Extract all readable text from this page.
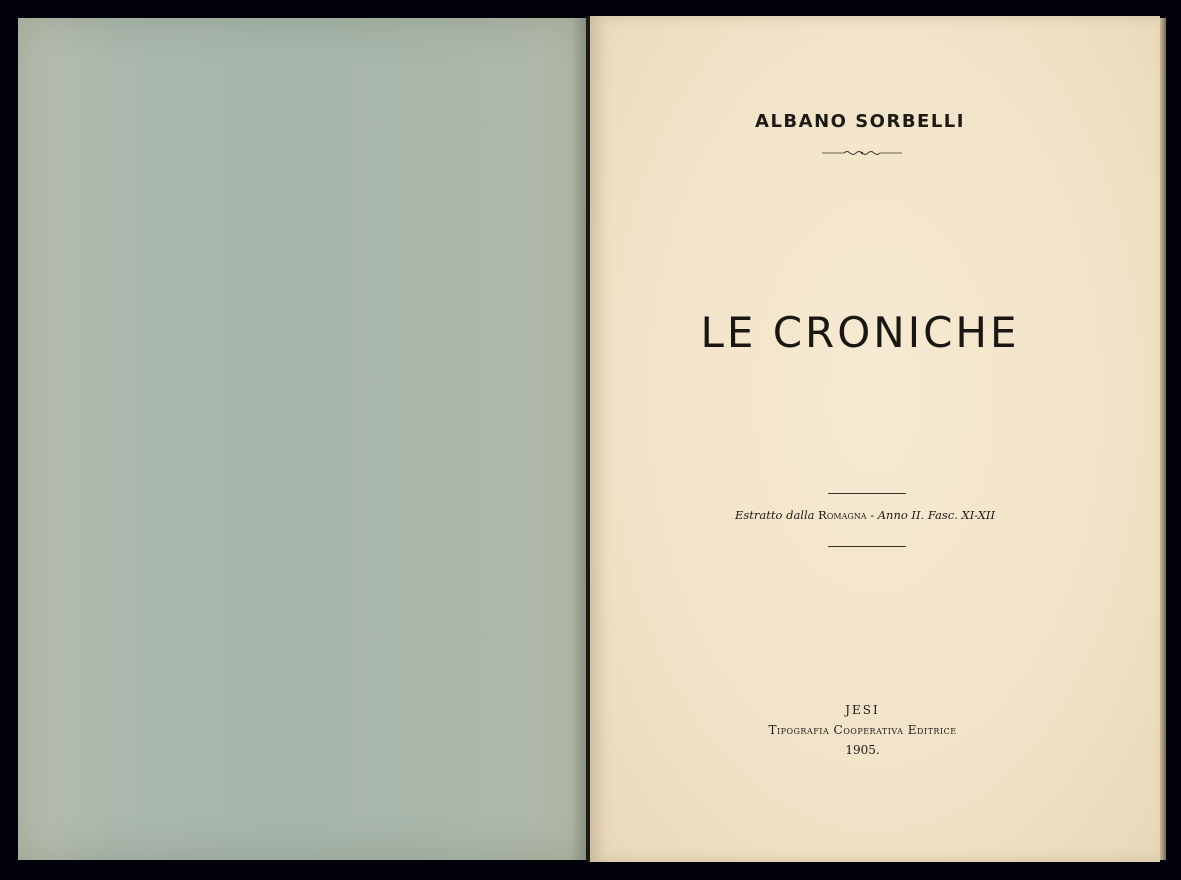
ALBANO SORBELLI
LE CRONICHE
Estratto dalla Romagna - Anno II. Fasc. XI-XII
JESI
Tipografia Cooperativa Editrice
1905.
